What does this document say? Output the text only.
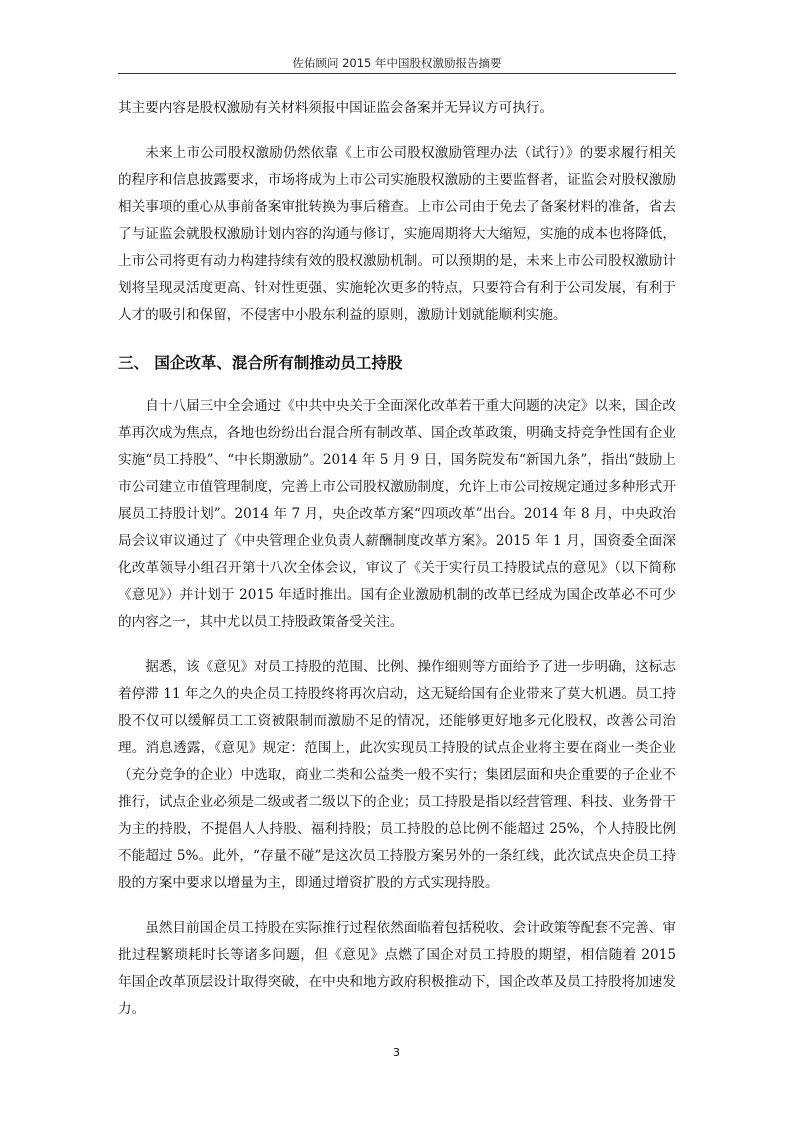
佐佑顾问 2015 年中国股权激励报告摘要

其主要内容是股权激励有关材料须报中国证监会备案并无异议方可执行。

未来上市公司股权激励仍然依靠《上市公司股权激励管理办法（试行）》的要求履行相关的程序和信息披露要求，市场将成为上市公司实施股权激励的主要监督者，证监会对股权激励相关事项的重心从事前备案审批转换为事后稽查。上市公司由于免去了备案材料的准备，省去了与证监会就股权激励计划内容的沟通与修订，实施周期将大大缩短，实施的成本也将降低，上市公司将更有动力构建持续有效的股权激励机制。可以预期的是，未来上市公司股权激励计划将呈现灵活度更高、针对性更强、实施轮次更多的特点，只要符合有利于公司发展，有利于人才的吸引和保留，不侵害中小股东利益的原则，激励计划就能顺利实施。

三、 国企改革、混合所有制推动员工持股

自十八届三中全会通过《中共中央关于全面深化改革若干重大问题的决定》以来，国企改革再次成为焦点，各地也纷纷出台混合所有制改革、国企改革政策，明确支持竞争性国有企业实施“员工持股”、“中长期激励”。2014 年 5 月 9 日，国务院发布“新国九条”，指出“鼓励上市公司建立市值管理制度，完善上市公司股权激励制度，允许上市公司按规定通过多种形式开展员工持股计划”。2014 年 7 月，央企改革方案“四项改革”出台。2014 年 8 月，中央政治局会议审议通过了《中央管理企业负责人薪酬制度改革方案》。2015 年 1 月，国资委全面深化改革领导小组召开第十八次全体会议，审议了《关于实行员工持股试点的意见》（以下简称《意见》）并计划于 2015 年适时推出。国有企业激励机制的改革已经成为国企改革必不可少的内容之一，其中尤以员工持股政策备受关注。

据悉，该《意见》对员工持股的范围、比例、操作细则等方面给予了进一步明确，这标志着停滞 11 年之久的央企员工持股终将再次启动，这无疑给国有企业带来了莫大机遇。员工持股不仅可以缓解员工工资被限制而激励不足的情况，还能够更好地多元化股权，改善公司治理。消息透露，《意见》规定：范围上，此次实现员工持股的试点企业将主要在商业一类企业（充分竞争的企业）中选取，商业二类和公益类一般不实行；集团层面和央企重要的子企业不推行，试点企业必须是二级或者二级以下的企业；员工持股是指以经营管理、科技、业务骨干为主的持股，不提倡人人持股、福利持股；员工持股的总比例不能超过 25%，个人持股比例不能超过 5%。此外，“存量不碰”是这次员工持股方案另外的一条红线，此次试点央企员工持股的方案中要求以增量为主，即通过增资扩股的方式实现持股。

虽然目前国企员工持股在实际推行过程依然面临着包括税收、会计政策等配套不完善、审批过程繁琐耗时长等诸多问题，但《意见》点燃了国企对员工持股的期望，相信随着 2015 年国企改革顶层设计取得突破，在中央和地方政府积极推动下，国企改革及员工持股将加速发力。

3
